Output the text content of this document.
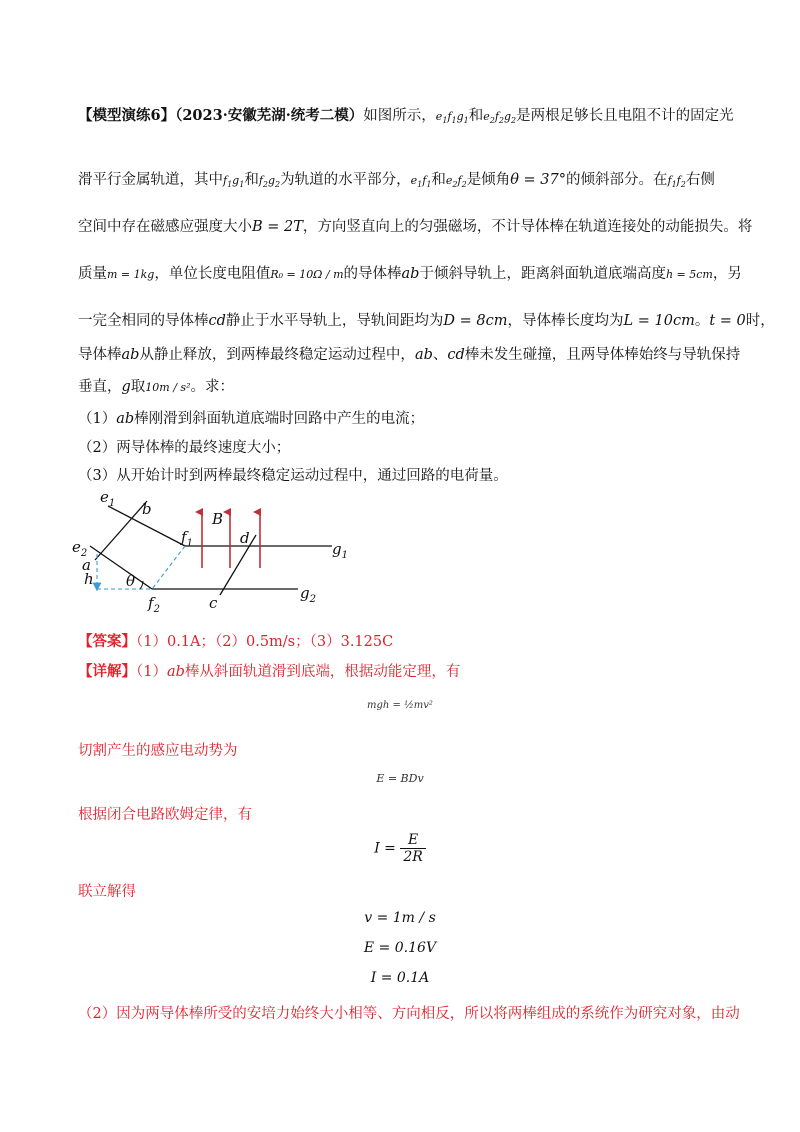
【模型演练6】（2023·安徽芜湖·统考二模）如图所示，$e_1f_1g_1$和$e_2f_2g_2$是两根足够长且电阻不计的固定光
滑平行金属轨道，其中$f_1g_1$和$f_2g_2$为轨道的水平部分，$e_1f_1$和$e_2f_2$是倾角θ = 37°的倾斜部分。在$f_1f_2$右侧
空间中存在磁感应强度大小B = 2T，方向竖直向上的匀强磁场，不计导体棒在轨道连接处的动能损失。将
质量m = 1kg，单位长度电阻值R₀ = 10Ω / m的导体棒ab于倾斜导轨上，距离斜面轨道底端高度h = 5cm，另
一完全相同的导体棒cd静止于水平导轨上，导轨间距均为D = 8cm，导体棒长度均为L = 10cm。t = 0时，
导体棒ab从静止释放，到两棒最终稳定运动过程中，ab、cd棒未发生碰撞，且两导体棒始终与导轨保持
垂直，g取10m / s²。求：
（1）ab棒刚滑到斜面轨道底端时回路中产生的电流；
（2）两导体棒的最终速度大小；
（3）从开始计时到两棒最终稳定运动过程中，通过回路的电荷量。
$e_1$ b
B
$f_1$	d
$g_1$
$e_2$
a
h θ
$f_2$	c
$g_2$
【答案】（1）0.1A；（2）0.5m/s；（3）3.125C
【详解】（1）ab棒从斜面轨道滑到底端，根据动能定理，有
mgh = ½mv²
切割产生的感应电动势为
E = BDv
根据闭合电路欧姆定律，有
$I = \frac{E}{2R}$
联立解得
v = 1m / s
E = 0.16V
I = 0.1A
（2）因为两导体棒所受的安培力始终大小相等、方向相反，所以将两棒组成的系统作为研究对象，由动
